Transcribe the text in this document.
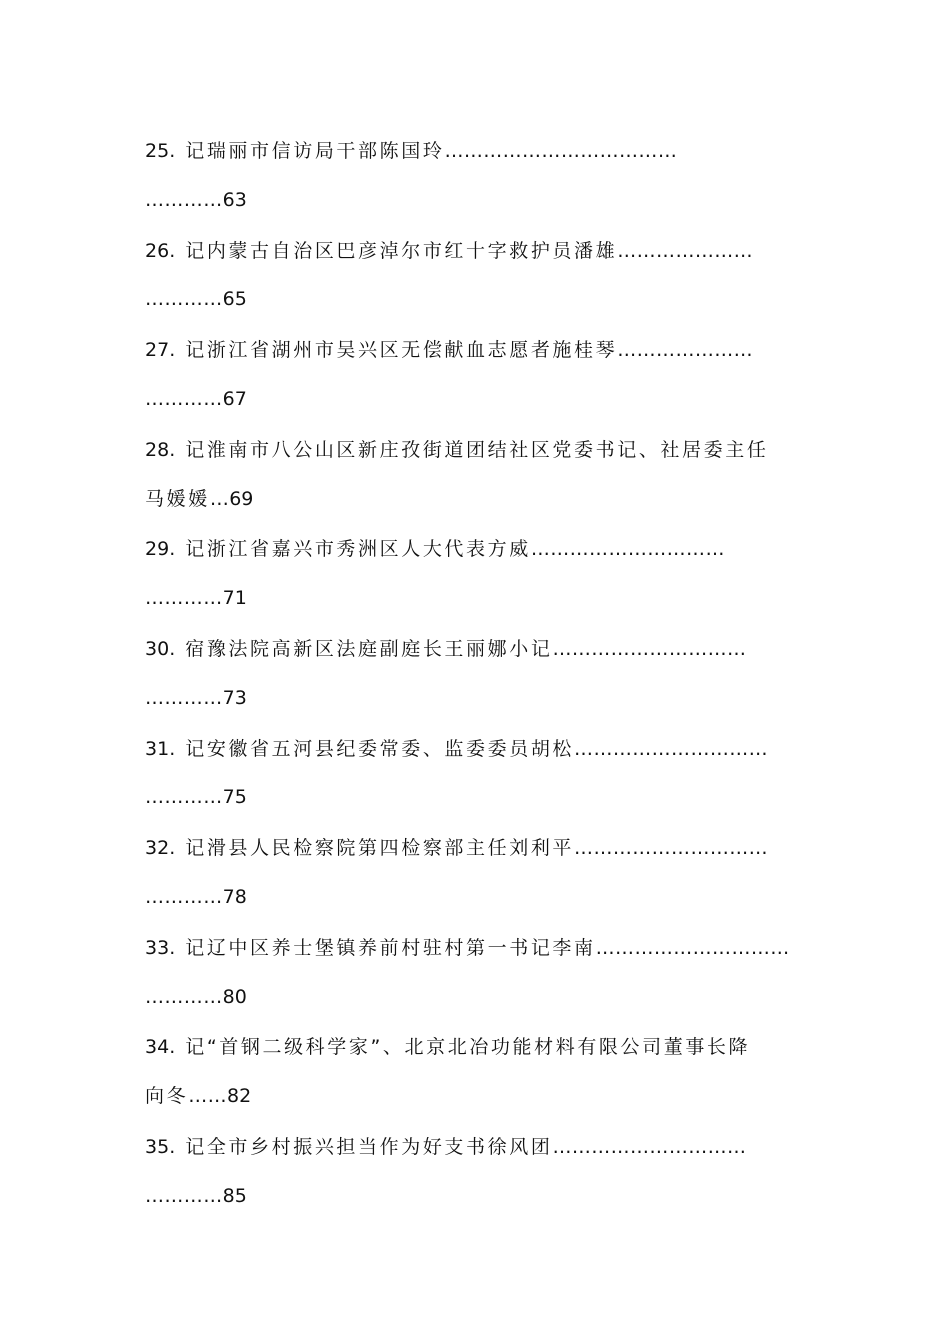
25. 记瑞丽市信访局干部陈国玲………………………………
…………63
26. 记内蒙古自治区巴彦淖尔市红十字救护员潘雄…………………
…………65
27. 记浙江省湖州市吴兴区无偿献血志愿者施桂琴…………………
…………67
28. 记淮南市八公山区新庄孜街道团结社区党委书记、社居委主任
马媛媛…69
29. 记浙江省嘉兴市秀洲区人大代表方威…………………………
…………71
30. 宿豫法院高新区法庭副庭长王丽娜小记…………………………
…………73
31. 记安徽省五河县纪委常委、监委委员胡松…………………………
…………75
32. 记滑县人民检察院第四检察部主任刘利平…………………………
…………78
33. 记辽中区养士堡镇养前村驻村第一书记李南…………………………
…………80
34. 记“首钢二级科学家”、北京北冶功能材料有限公司董事长降
向冬……82
35. 记全市乡村振兴担当作为好支书徐风团…………………………
…………85
